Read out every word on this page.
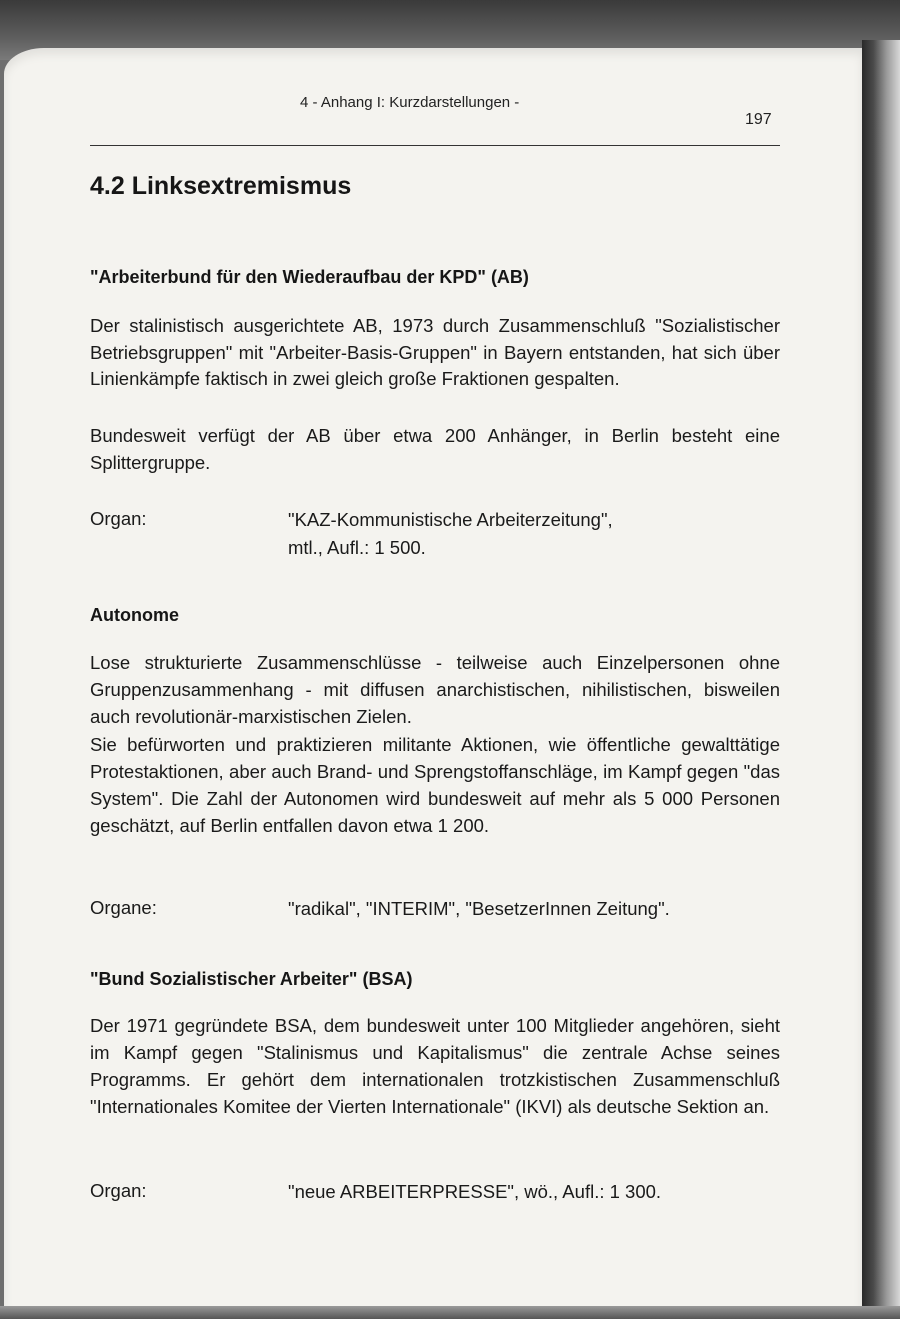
4 - Anhang I: Kurzdarstellungen -
197
4.2 Linksextremismus
"Arbeiterbund für den Wiederaufbau der KPD" (AB)

Der stalinistisch ausgerichtete AB, 1973 durch Zusammenschluß "Sozialistischer Betriebsgruppen" mit "Arbeiter-Basis-Gruppen" in Bayern entstanden, hat sich über Linienkämpfe faktisch in zwei gleich große Fraktionen gespalten.

Bundesweit verfügt der AB über etwa 200 Anhänger, in Berlin besteht eine Splittergruppe.

Organ:	"KAZ-Kommunistische Arbeiterzeitung",
mtl., Aufl.: 1 500.
Autonome

Lose strukturierte Zusammenschlüsse - teilweise auch Einzelpersonen ohne Gruppenzusammenhang - mit diffusen anarchistischen, nihilistischen, bisweilen auch revolutionär-marxistischen Zielen.

Sie befürworten und praktizieren militante Aktionen, wie öffentliche gewalttätige Protestaktionen, aber auch Brand- und Sprengstoffanschläge, im Kampf gegen "das System". Die Zahl der Autonomen wird bundesweit auf mehr als 5 000 Personen geschätzt, auf Berlin entfallen davon etwa 1 200.

Organe:	"radikal", "INTERIM", "BesetzerInnen Zeitung".
"Bund Sozialistischer Arbeiter" (BSA)

Der 1971 gegründete BSA, dem bundesweit unter 100 Mitglieder angehören, sieht im Kampf gegen "Stalinismus und Kapitalismus" die zentrale Achse seines Programms. Er gehört dem internationalen trotzkistischen Zusammenschluß "Internationales Komitee der Vierten Internationale" (IKVI) als deutsche Sektion an.

Organ:	"neue ARBEITERPRESSE", wö., Aufl.: 1 300.
